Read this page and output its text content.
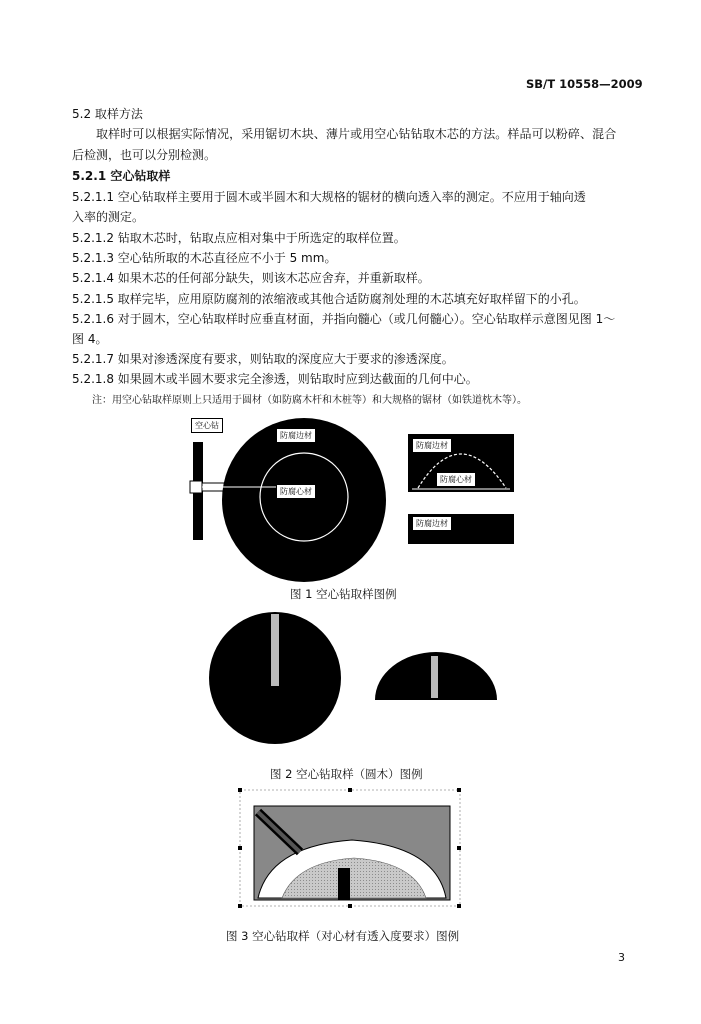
SB/T 10558—2009
5.2 取样方法
取样时可以根据实际情况，采用锯切木块、薄片或用空心钻钻取木芯的方法。样品可以粉碎、混合
后检测，也可以分别检测。
5.2.1 空心钻取样
5.2.1.1 空心钻取样主要用于圆木或半圆木和大规格的锯材的横向透入率的测定。不应用于轴向透
入率的测定。
5.2.1.2 钻取木芯时，钻取点应相对集中于所选定的取样位置。
5.2.1.3 空心钻所取的木芯直径应不小于 5 mm。
5.2.1.4 如果木芯的任何部分缺失，则该木芯应舍弃，并重新取样。
5.2.1.5 取样完毕，应用原防腐剂的浓缩液或其他合适防腐剂处理的木芯填充好取样留下的小孔。
5.2.1.6 对于圆木，空心钻取样时应垂直材面，并指向髓心（或几何髓心）。空心钻取样示意图见图 1～
图 4。
5.2.1.7 如果对渗透深度有要求，则钻取的深度应大于要求的渗透深度。
5.2.1.8 如果圆木或半圆木要求完全渗透，则钻取时应到达截面的几何中心。
注：用空心钻取样原则上只适用于圆材（如防腐木杆和木桩等）和大规格的锯材（如铁道枕木等）。
空心钻
防腐边材
防腐心材
防腐边材
防腐心材
防腐边材
图 1 空心钻取样图例
图 2 空心钻取样（圆木）图例
图 3 空心钻取样（对心材有透入度要求）图例
3
